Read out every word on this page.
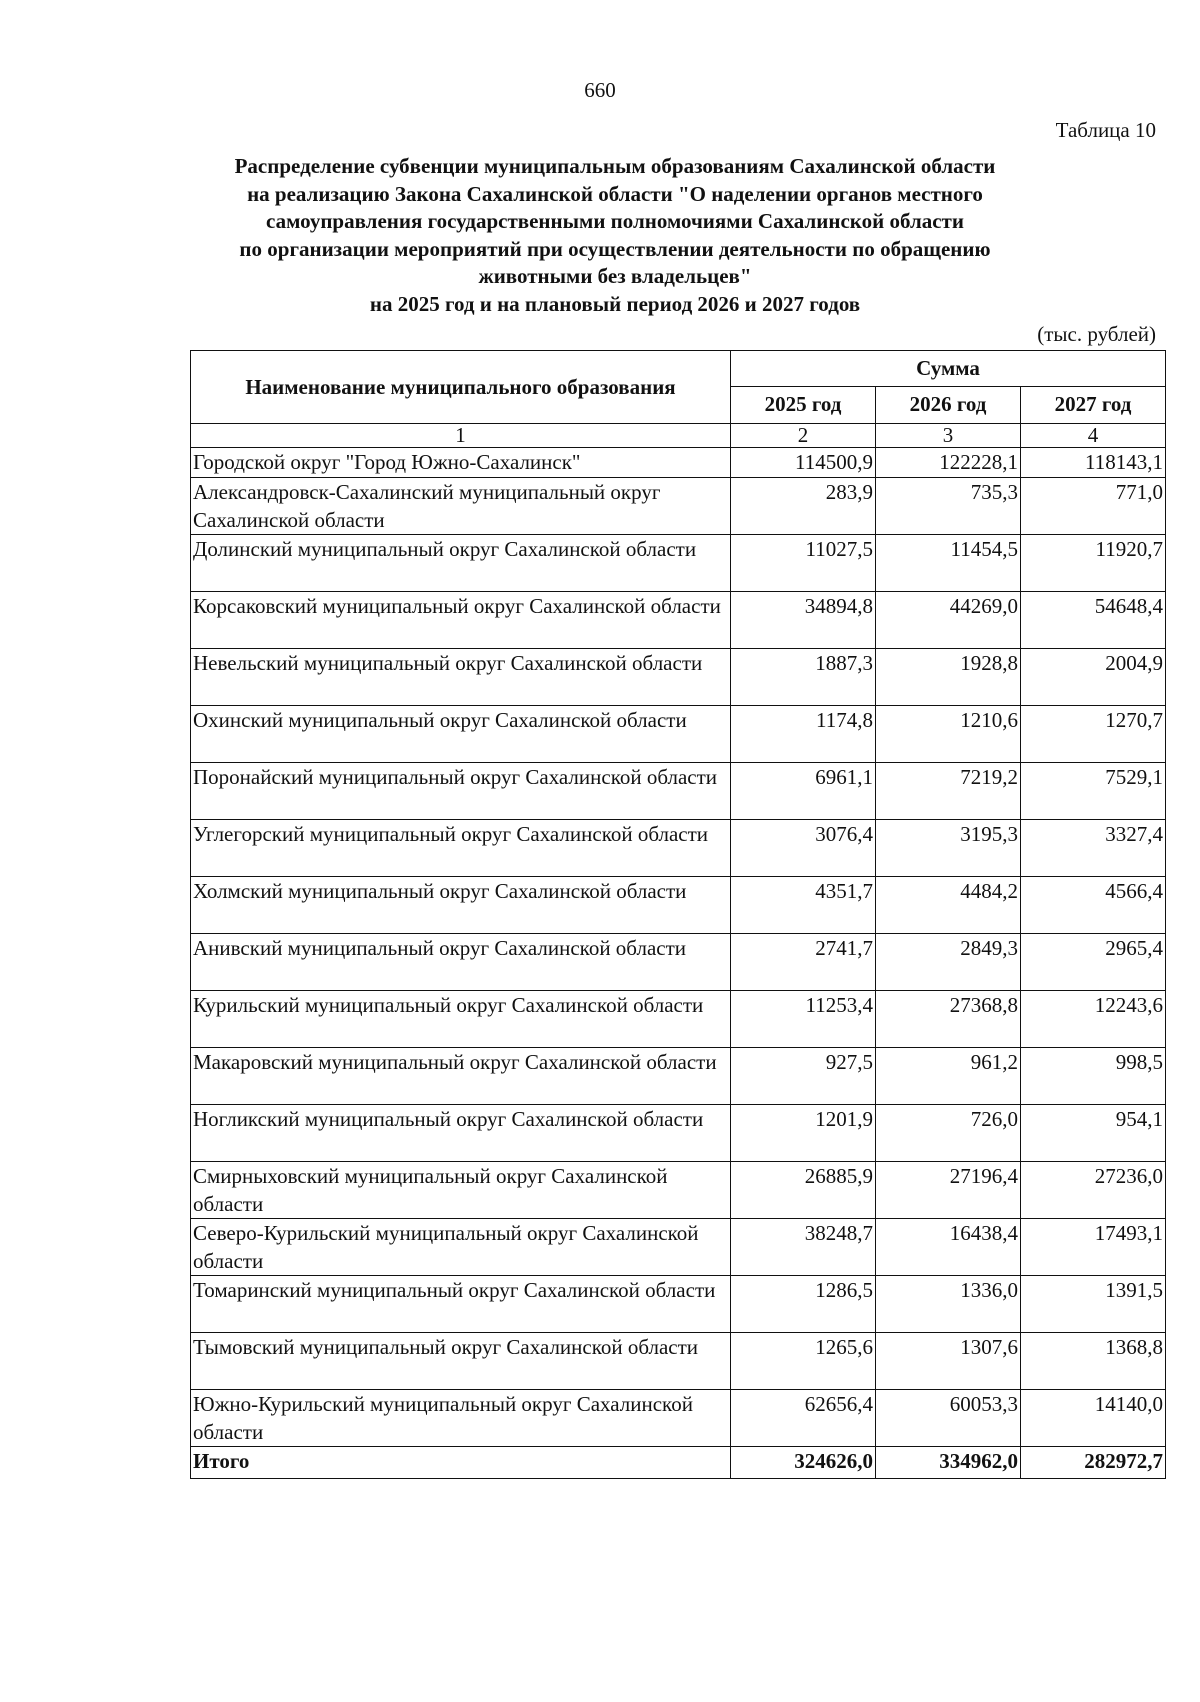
660
Таблица 10
Распределение субвенции муниципальным образованиям Сахалинской области
на реализацию Закона Сахалинской области "О наделении органов местного
самоуправления государственными полномочиями Сахалинской области
по организации мероприятий при осуществлении деятельности по обращению
животными без владельцев"
на 2025 год и на плановый период 2026 и 2027 годов
(тыс. рублей)
Наименование муниципального образования	Сумма		
	2025 год	2026 год	2027 год
1	2	3	4
Городской округ "Город Южно-Сахалинск"	114500,9	122228,1	118143,1
Александровск-Сахалинский муниципальный округ Сахалинской области	283,9	735,3	771,0
Долинский муниципальный округ Сахалинской области	11027,5	11454,5	11920,7
Корсаковский муниципальный округ Сахалинской области	34894,8	44269,0	54648,4
Невельский муниципальный округ Сахалинской области	1887,3	1928,8	2004,9
Охинский муниципальный округ Сахалинской области	1174,8	1210,6	1270,7
Поронайский муниципальный округ Сахалинской области	6961,1	7219,2	7529,1
Углегорский муниципальный округ Сахалинской области	3076,4	3195,3	3327,4
Холмский муниципальный округ Сахалинской области	4351,7	4484,2	4566,4
Анивский муниципальный округ Сахалинской области	2741,7	2849,3	2965,4
Курильский муниципальный округ Сахалинской области	11253,4	27368,8	12243,6
Макаровский муниципальный округ Сахалинской области	927,5	961,2	998,5
Ногликский муниципальный округ Сахалинской области	1201,9	726,0	954,1
Смирныховский муниципальный округ Сахалинской области	26885,9	27196,4	27236,0
Северо-Курильский муниципальный округ Сахалинской области	38248,7	16438,4	17493,1
Томаринский муниципальный округ Сахалинской области	1286,5	1336,0	1391,5
Тымовский муниципальный округ Сахалинской области	1265,6	1307,6	1368,8
Южно-Курильский муниципальный округ Сахалинской области	62656,4	60053,3	14140,0
Итого	324626,0	334962,0	282972,7
